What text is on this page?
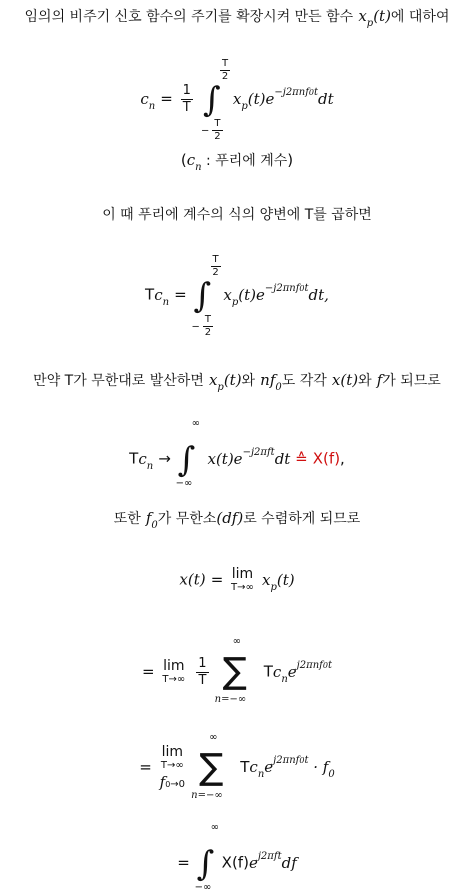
임의의 비주기 신호 함수의 주기를 확장시켜 만든 함수 $x_p(t)$에 대하여
$c_n = \frac{1}{T}$
∫
$\frac{T}{2}$
− $\frac{T}{2}$
$x_p(t)e^{-j2\pi nf0t}dt$
($c_n$ : 푸리에 계수)
이 때 푸리에 계수의 식의 양변에 T를 곱하면
$Tc_n$ = ∫
$\frac{T}{2}$
− $\frac{T}{2}$
$x_p(t)e^{-j2\pi nf0t}dt$,
만약 T가 무한대로 발산하면 $x_p(t)$와 $nf_0$도 각각 x(t)와 f가 되므로
$Tc_n$ → ∫
∞
−∞
$x(t)e^{-j2\pi ft}dt$ ≙ X(f),
또한 $f_0$가 무한소(df)로 수렴하게 되므로
x(t) = lim
T→∞ $x_p(t)$
= lim
T→∞
$\frac{1}{T}$

∞
∑
n=−∞
$Tc_ne^{j2\pi nf0t}$
=
lim
T→∞
f0→0

∞
∑
n=−∞
$Tc_ne^{j2\pi nf0t} \cdot f_0$
= ∫
∞
−∞
$X(f)e^{j2\pi ft}df$
